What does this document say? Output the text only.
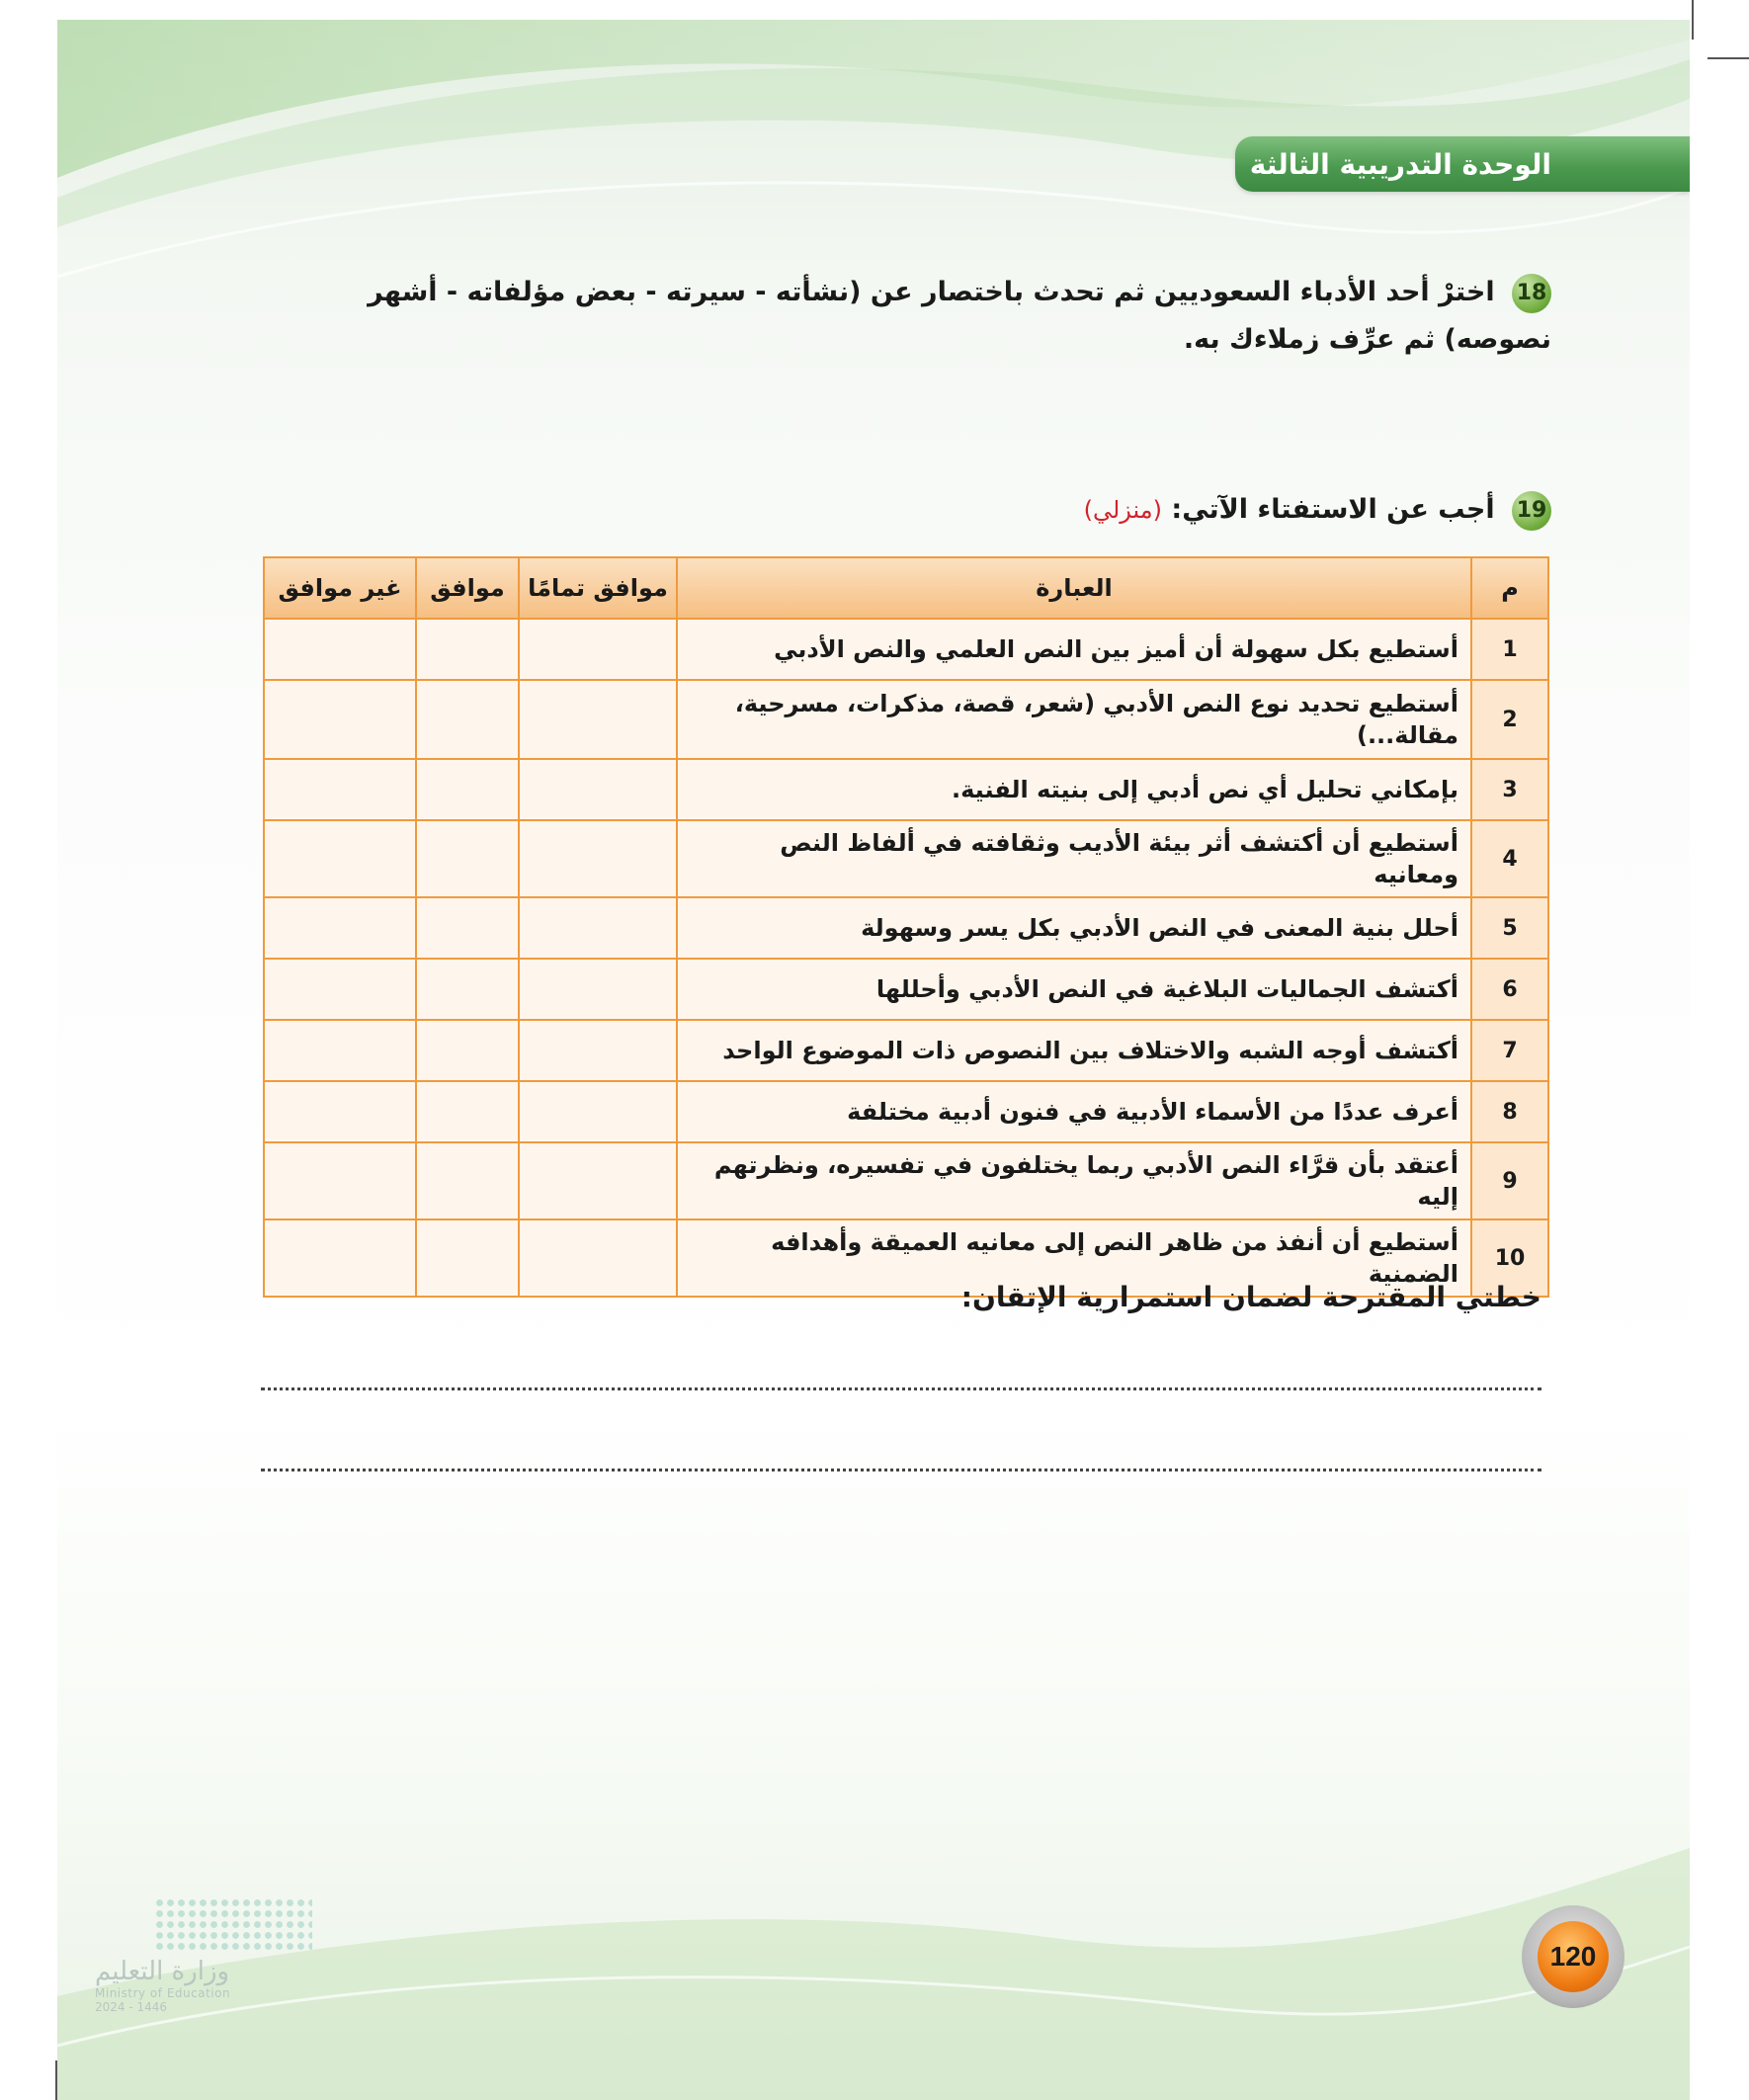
الوحدة التدريبية الثالثة
18 اخترْ أحد الأدباء السعوديين ثم تحدث باختصار عن (نشأته - سيرته - بعض مؤلفاته - أشهر
نصوصه) ثم عرِّف زملاءك به.
19 أجب عن الاستفتاء الآتي: (منزلي)
م	العبارة	موافق تمامًا	موافق	غير موافق
1	أستطيع بكل سهولة أن أميز بين النص العلمي والنص الأدبي			
2	أستطيع تحديد نوع النص الأدبي (شعر، قصة، مذكرات، مسرحية، مقالة...)			
3	بإمكاني تحليل أي نص أدبي إلى بنيته الفنية.			
4	أستطيع أن أكتشف أثر بيئة الأديب وثقافته في ألفاظ النص ومعانيه			
5	أحلل بنية المعنى في النص الأدبي بكل يسر وسهولة			
6	أكتشف الجماليات البلاغية في النص الأدبي وأحللها			
7	أكتشف أوجه الشبه والاختلاف بين النصوص ذات الموضوع الواحد			
8	أعرف عددًا من الأسماء الأدبية في فنون أدبية مختلفة			
9	أعتقد بأن قرَّاء النص الأدبي ربما يختلفون في تفسيره، ونظرتهم إليه			
10	أستطيع أن أنفذ من ظاهر النص إلى معانيه العميقة وأهدافه الضمنية			
خطتي المقترحة لضمان استمرارية الإتقان:
120
وزارة التعليم
Ministry of Education
2024 - 1446
